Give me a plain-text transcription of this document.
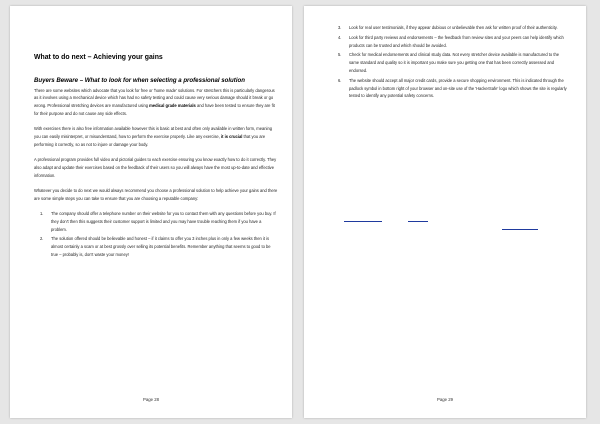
What to do next – Achieving your gains
Buyers Beware – What to look for when selecting a professional solution

There are some websites which advocate that you look for free or 'home made' solutions. For stretchers this is particularly dangerous as it involves using a mechanical device which has had no safety testing and could cause very serious damage should it break or go wrong. Professional stretching devices are manufactured using medical grade materials and have been tested to ensure they are fit for their purpose and do not cause any side effects.

With exercises there is also free information available however this is basic at best and often only available in written form, meaning you can easily misinterpret, or misunderstand, how to perform the exercise properly. Like any exercise, it is crucial that you are performing it correctly, so as not to injure or damage your body.

A professional program provides full video and pictorial guides to each exercise ensuring you know exactly how to do it correctly. They also adapt and update their exercises based on the feedback of their users so you will always have the most up-to-date and effective information.

Whatever you decide to do next we would always recommend you choose a professional solution to help achieve your gains and there are some simple steps you can take to ensure that you are choosing a reputable company:

1. The company should offer a telephone number on their website for you to contact them with any questions before you buy. If they don't then this suggests their customer support is limited and you may have trouble reaching them if you have a problem.
2. The solution offered should be believable and honest – if it claims to offer you 3 inches plus in only a few weeks then it is almost certainly a scam or at best grossly over selling its potential benefits. Remember anything that seems to good to be true – probably is, don't waste your money!
Page 28
3. Look for real user testimonials, if they appear dubious or unbelievable then ask for written proof of their authenticity.
4. Look for third party reviews and endorsements – the feedback from review sites and your peers can help identify which products can be trusted and which should be avoided.
5. Check for medical endorsements and clinical study data. Not every stretcher device available is manufactured to the same standard and quality so it is important you make sure you getting one that has been correctly assessed and endorsed.
6. The website should accept all major credit cards, provide a secure shopping environment. This is indicated through the padlock symbol in bottom right of your browser and on-site use of the 'HackerSafe' logo which shows the site is regularly tested to identify any potential safety concerns.
Page 29
